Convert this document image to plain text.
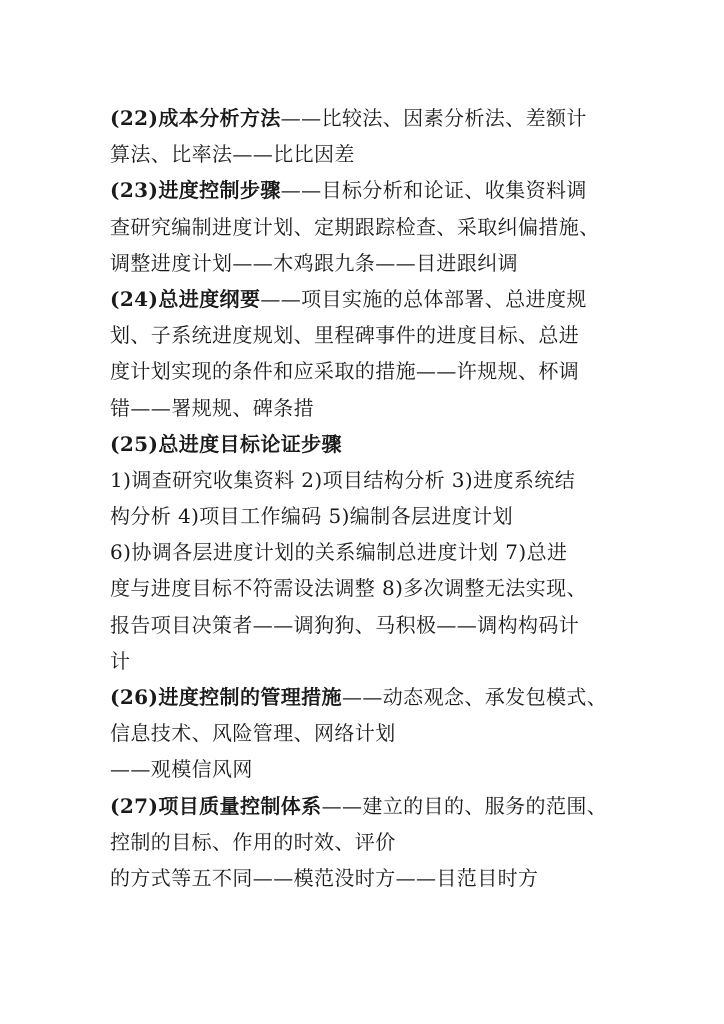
(22)成本分析方法——比较法、因素分析法、差额计
算法、比率法——比比因差
(23)进度控制步骤——目标分析和论证、收集资料调
查研究编制进度计划、定期跟踪检查、采取纠偏措施、
调整进度计划——木鸡跟九条——目进跟纠调
(24)总进度纲要——项目实施的总体部署、总进度规
划、子系统进度规划、里程碑事件的进度目标、总进
度计划实现的条件和应采取的措施——许规规、杯调
错——署规规、碑条措
(25)总进度目标论证步骤
1)调查研究收集资料 2)项目结构分析 3)进度系统结
构分析 4)项目工作编码 5)编制各层进度计划
6)协调各层进度计划的关系编制总进度计划 7)总进
度与进度目标不符需设法调整 8)多次调整无法实现、
报告项目决策者——调狗狗、马积极——调构构码计
计
(26)进度控制的管理措施——动态观念、承发包模式、
信息技术、风险管理、网络计划
——观模信风网
(27)项目质量控制体系——建立的目的、服务的范围、
控制的目标、作用的时效、评价
的方式等五不同——模范没时方——目范目时方
